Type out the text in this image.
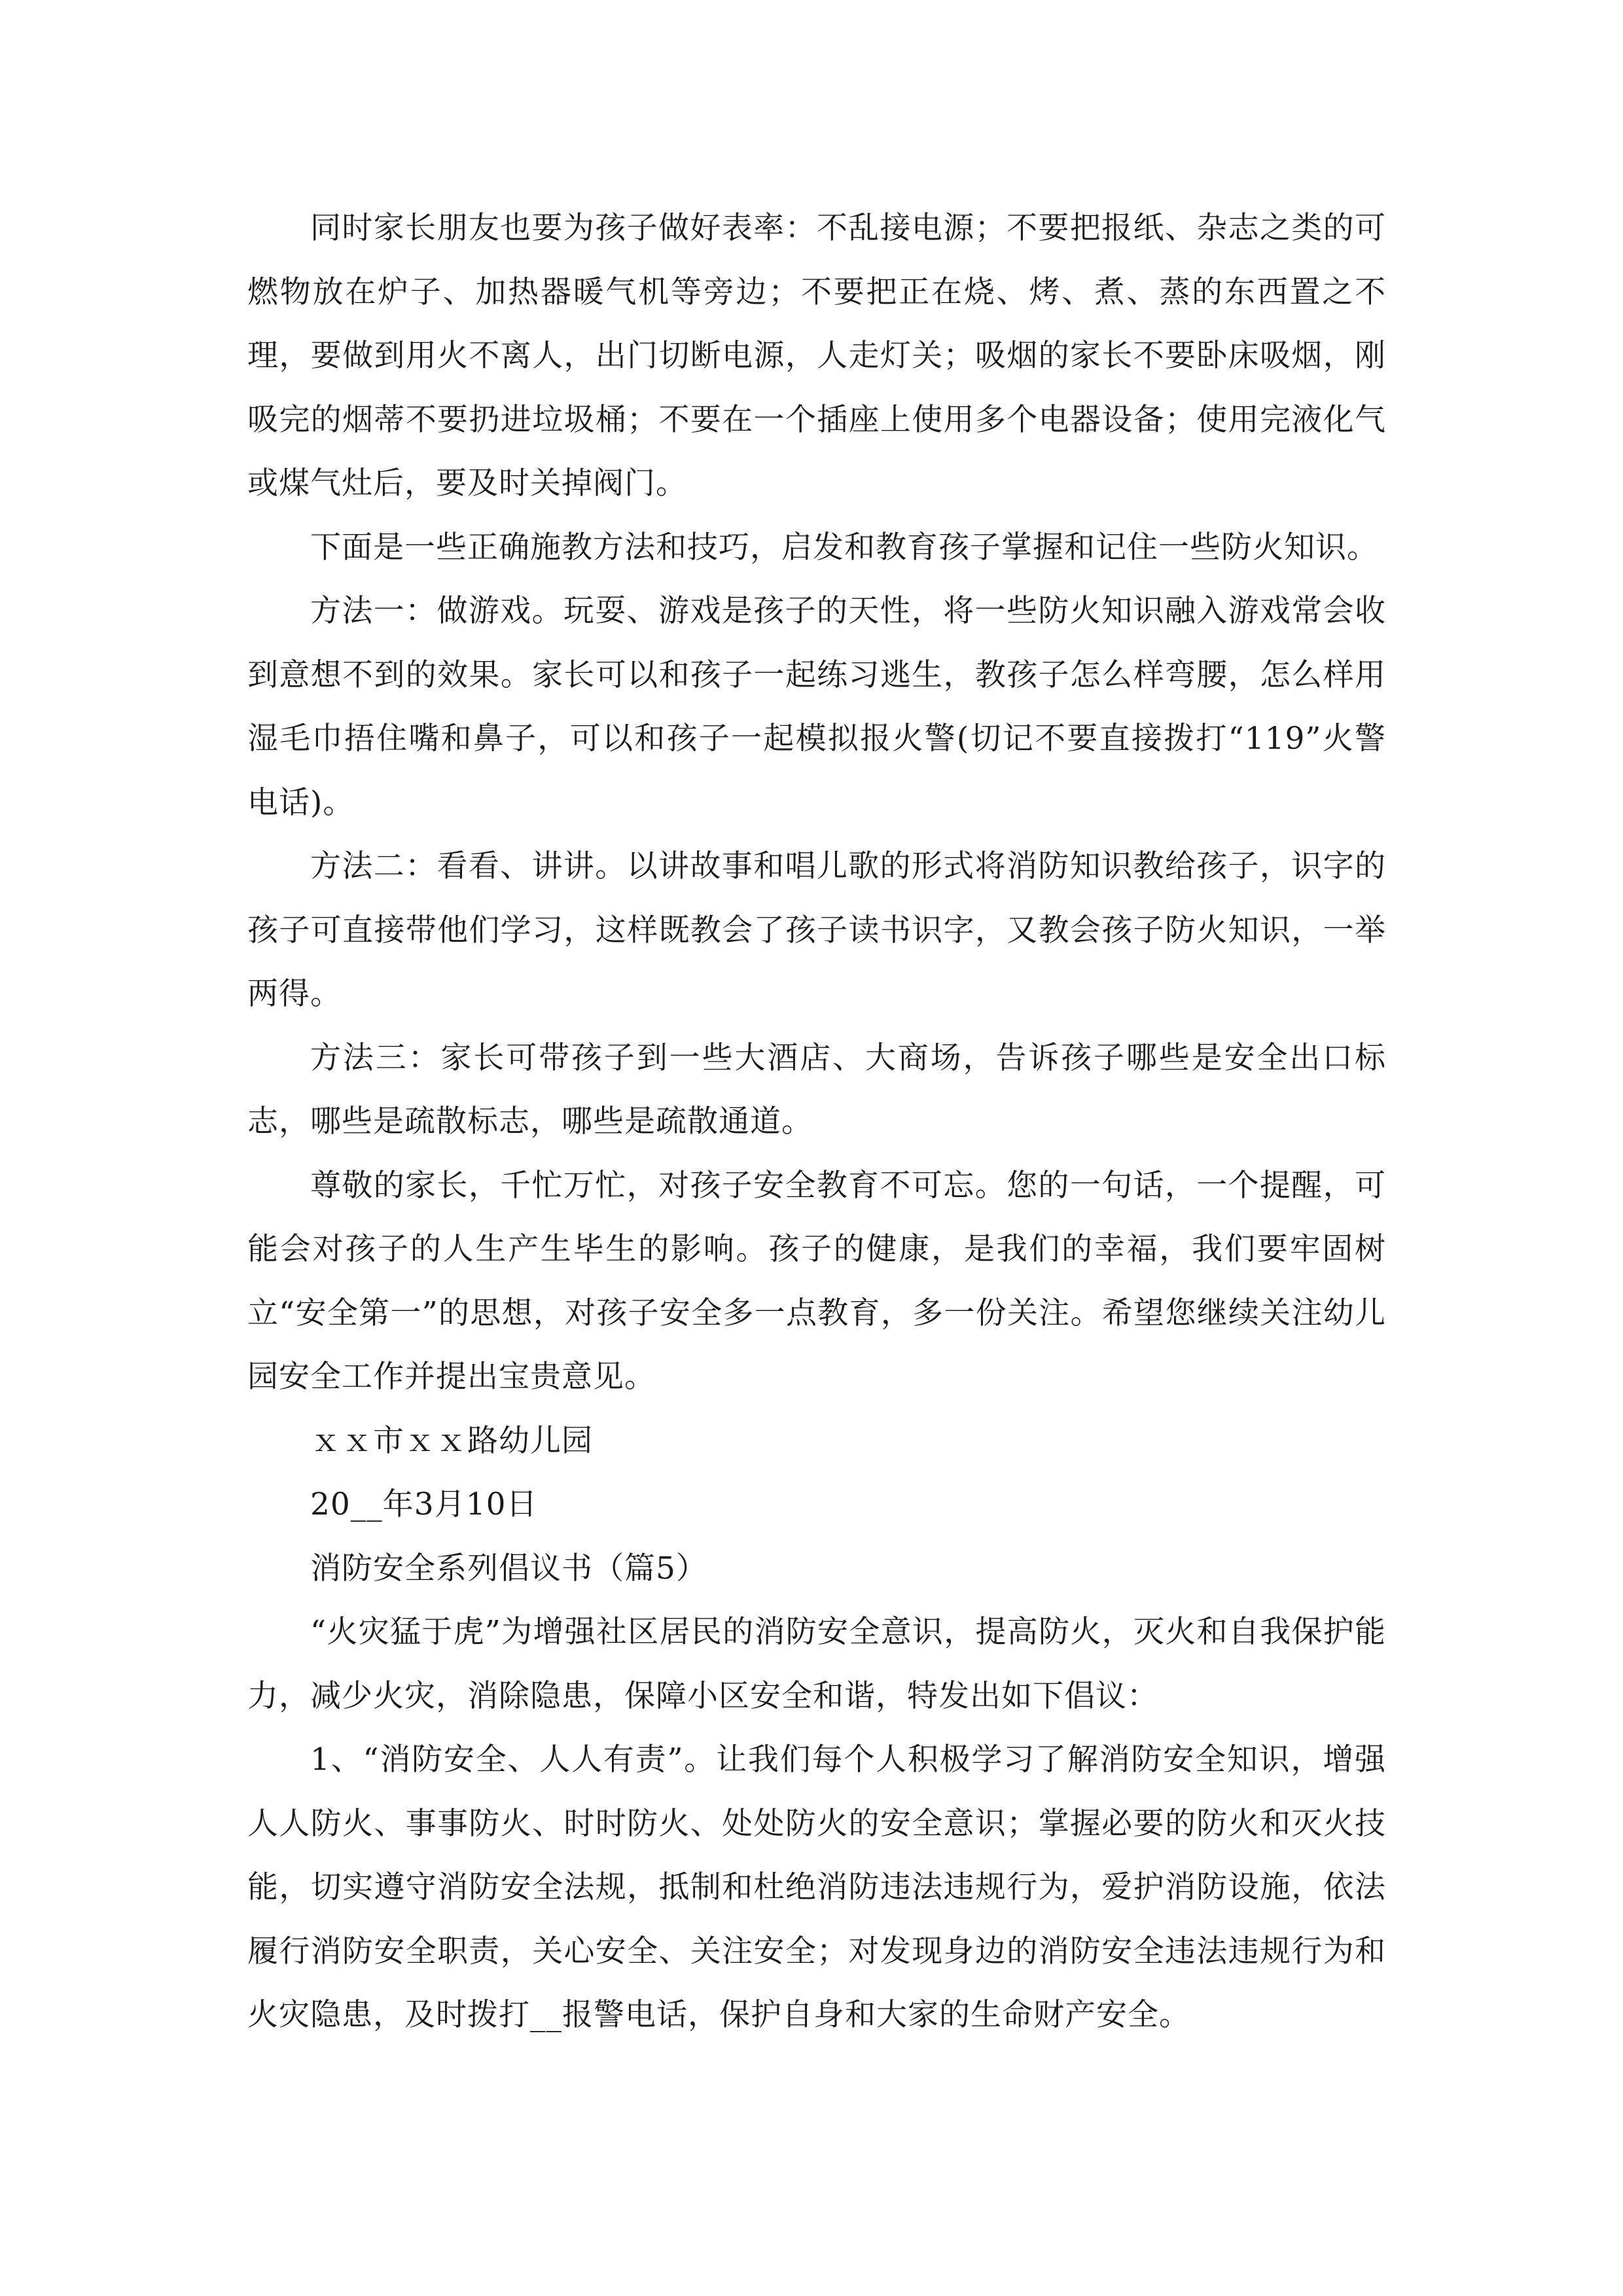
同时家长朋友也要为孩子做好表率：不乱接电源；不要把报纸、杂志之类的可燃物放在炉子、加热器暖气机等旁边；不要把正在烧、烤、煮、蒸的东西置之不理，要做到用火不离人，出门切断电源，人走灯关；吸烟的家长不要卧床吸烟，刚吸完的烟蒂不要扔进垃圾桶；不要在一个插座上使用多个电器设备；使用完液化气或煤气灶后，要及时关掉阀门。

下面是一些正确施教方法和技巧，启发和教育孩子掌握和记住一些防火知识。

方法一：做游戏。玩耍、游戏是孩子的天性，将一些防火知识融入游戏常会收到意想不到的效果。家长可以和孩子一起练习逃生，教孩子怎么样弯腰，怎么样用湿毛巾捂住嘴和鼻子，可以和孩子一起模拟报火警(切记不要直接拨打“119”火警电话)。

方法二：看看、讲讲。以讲故事和唱儿歌的形式将消防知识教给孩子，识字的孩子可直接带他们学习，这样既教会了孩子读书识字，又教会孩子防火知识，一举两得。

方法三：家长可带孩子到一些大酒店、大商场，告诉孩子哪些是安全出口标志，哪些是疏散标志，哪些是疏散通道。

尊敬的家长，千忙万忙，对孩子安全教育不可忘。您的一句话，一个提醒，可能会对孩子的人生产生毕生的影响。孩子的健康，是我们的幸福，我们要牢固树立“安全第一”的思想，对孩子安全多一点教育，多一份关注。希望您继续关注幼儿园安全工作并提出宝贵意见。

ｘｘ市ｘｘ路幼儿园

20__年3月10日

消防安全系列倡议书（篇5）

“火灾猛于虎”为增强社区居民的消防安全意识，提高防火，灭火和自我保护能力，减少火灾，消除隐患，保障小区安全和谐，特发出如下倡议：

1、“消防安全、人人有责”。让我们每个人积极学习了解消防安全知识，增强人人防火、事事防火、时时防火、处处防火的安全意识；掌握必要的防火和灭火技能，切实遵守消防安全法规，抵制和杜绝消防违法违规行为，爱护消防设施，依法履行消防安全职责，关心安全、关注安全；对发现身边的消防安全违法违规行为和火灾隐患，及时拨打__报警电话，保护自身和大家的生命财产安全。
